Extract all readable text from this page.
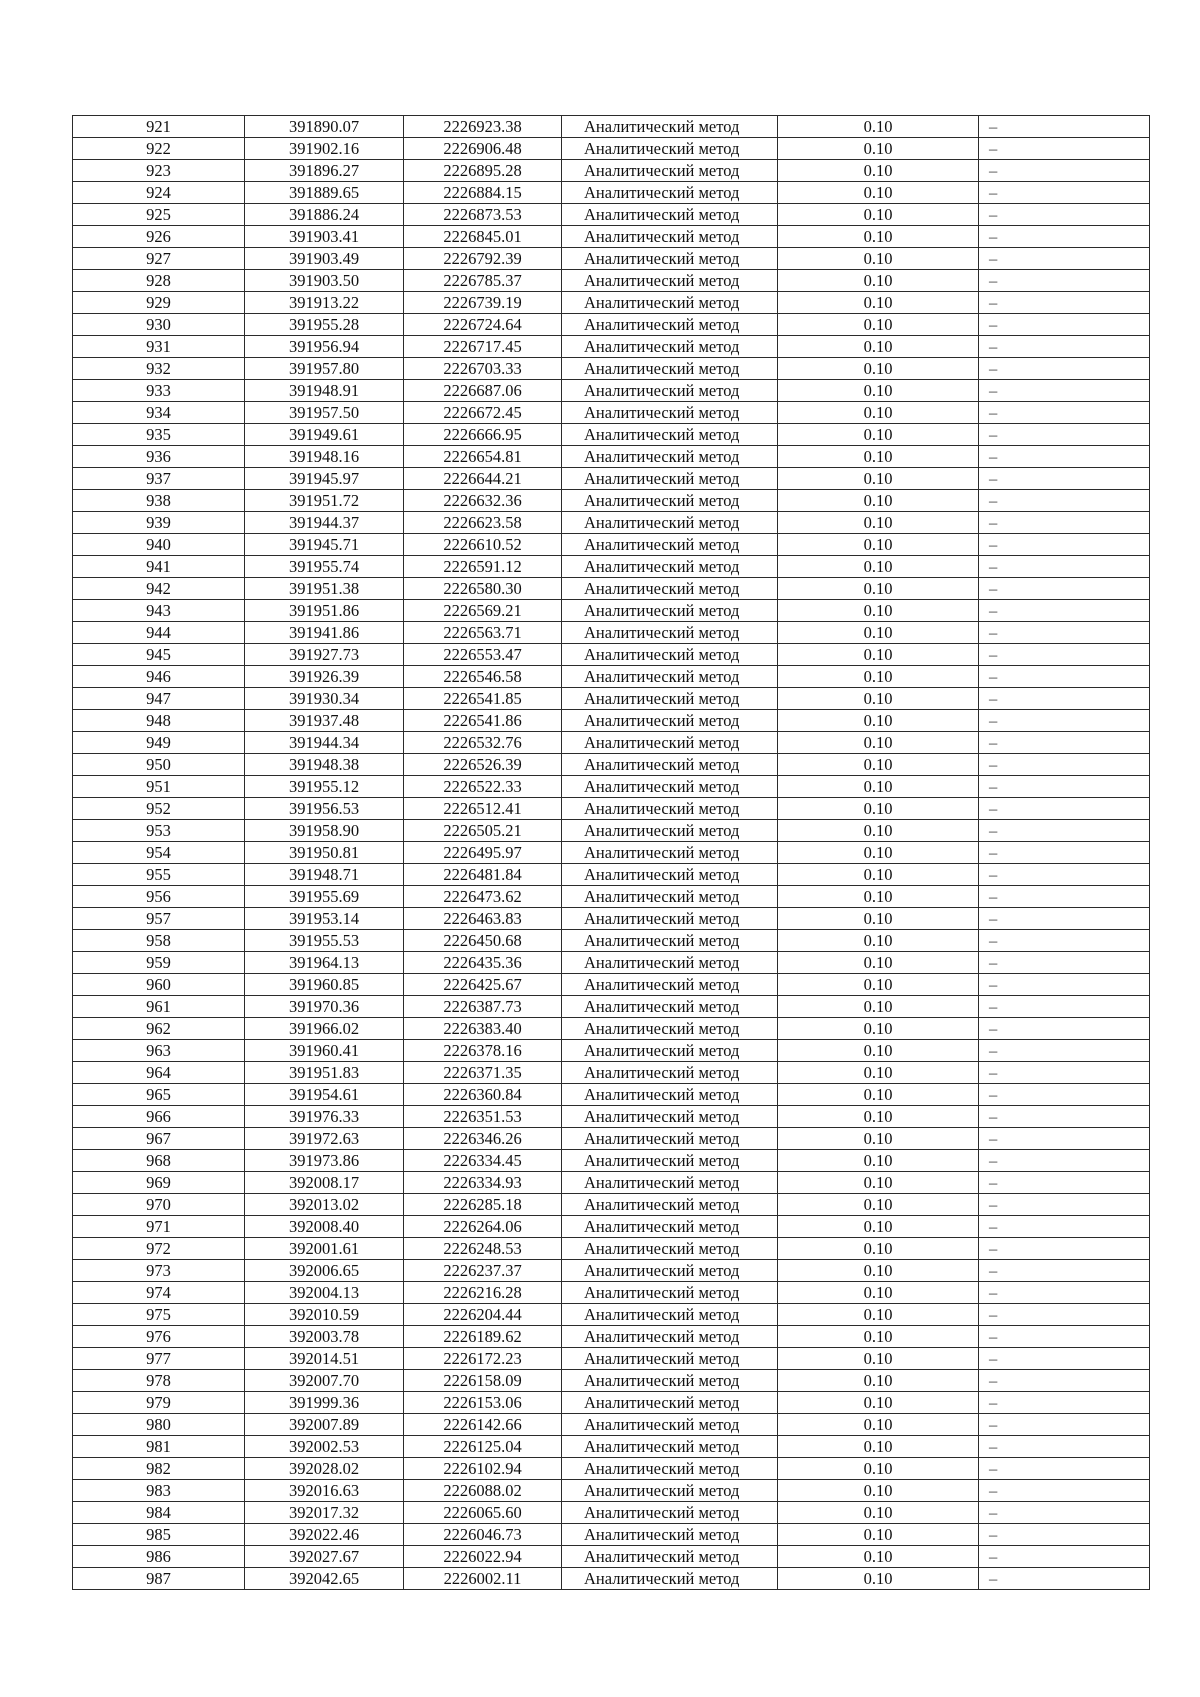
921	391890.07	2226923.38	Аналитический метод	0.10	–
922	391902.16	2226906.48	Аналитический метод	0.10	–
923	391896.27	2226895.28	Аналитический метод	0.10	–
924	391889.65	2226884.15	Аналитический метод	0.10	–
925	391886.24	2226873.53	Аналитический метод	0.10	–
926	391903.41	2226845.01	Аналитический метод	0.10	–
927	391903.49	2226792.39	Аналитический метод	0.10	–
928	391903.50	2226785.37	Аналитический метод	0.10	–
929	391913.22	2226739.19	Аналитический метод	0.10	–
930	391955.28	2226724.64	Аналитический метод	0.10	–
931	391956.94	2226717.45	Аналитический метод	0.10	–
932	391957.80	2226703.33	Аналитический метод	0.10	–
933	391948.91	2226687.06	Аналитический метод	0.10	–
934	391957.50	2226672.45	Аналитический метод	0.10	–
935	391949.61	2226666.95	Аналитический метод	0.10	–
936	391948.16	2226654.81	Аналитический метод	0.10	–
937	391945.97	2226644.21	Аналитический метод	0.10	–
938	391951.72	2226632.36	Аналитический метод	0.10	–
939	391944.37	2226623.58	Аналитический метод	0.10	–
940	391945.71	2226610.52	Аналитический метод	0.10	–
941	391955.74	2226591.12	Аналитический метод	0.10	–
942	391951.38	2226580.30	Аналитический метод	0.10	–
943	391951.86	2226569.21	Аналитический метод	0.10	–
944	391941.86	2226563.71	Аналитический метод	0.10	–
945	391927.73	2226553.47	Аналитический метод	0.10	–
946	391926.39	2226546.58	Аналитический метод	0.10	–
947	391930.34	2226541.85	Аналитический метод	0.10	–
948	391937.48	2226541.86	Аналитический метод	0.10	–
949	391944.34	2226532.76	Аналитический метод	0.10	–
950	391948.38	2226526.39	Аналитический метод	0.10	–
951	391955.12	2226522.33	Аналитический метод	0.10	–
952	391956.53	2226512.41	Аналитический метод	0.10	–
953	391958.90	2226505.21	Аналитический метод	0.10	–
954	391950.81	2226495.97	Аналитический метод	0.10	–
955	391948.71	2226481.84	Аналитический метод	0.10	–
956	391955.69	2226473.62	Аналитический метод	0.10	–
957	391953.14	2226463.83	Аналитический метод	0.10	–
958	391955.53	2226450.68	Аналитический метод	0.10	–
959	391964.13	2226435.36	Аналитический метод	0.10	–
960	391960.85	2226425.67	Аналитический метод	0.10	–
961	391970.36	2226387.73	Аналитический метод	0.10	–
962	391966.02	2226383.40	Аналитический метод	0.10	–
963	391960.41	2226378.16	Аналитический метод	0.10	–
964	391951.83	2226371.35	Аналитический метод	0.10	–
965	391954.61	2226360.84	Аналитический метод	0.10	–
966	391976.33	2226351.53	Аналитический метод	0.10	–
967	391972.63	2226346.26	Аналитический метод	0.10	–
968	391973.86	2226334.45	Аналитический метод	0.10	–
969	392008.17	2226334.93	Аналитический метод	0.10	–
970	392013.02	2226285.18	Аналитический метод	0.10	–
971	392008.40	2226264.06	Аналитический метод	0.10	–
972	392001.61	2226248.53	Аналитический метод	0.10	–
973	392006.65	2226237.37	Аналитический метод	0.10	–
974	392004.13	2226216.28	Аналитический метод	0.10	–
975	392010.59	2226204.44	Аналитический метод	0.10	–
976	392003.78	2226189.62	Аналитический метод	0.10	–
977	392014.51	2226172.23	Аналитический метод	0.10	–
978	392007.70	2226158.09	Аналитический метод	0.10	–
979	391999.36	2226153.06	Аналитический метод	0.10	–
980	392007.89	2226142.66	Аналитический метод	0.10	–
981	392002.53	2226125.04	Аналитический метод	0.10	–
982	392028.02	2226102.94	Аналитический метод	0.10	–
983	392016.63	2226088.02	Аналитический метод	0.10	–
984	392017.32	2226065.60	Аналитический метод	0.10	–
985	392022.46	2226046.73	Аналитический метод	0.10	–
986	392027.67	2226022.94	Аналитический метод	0.10	–
987	392042.65	2226002.11	Аналитический метод	0.10	–
